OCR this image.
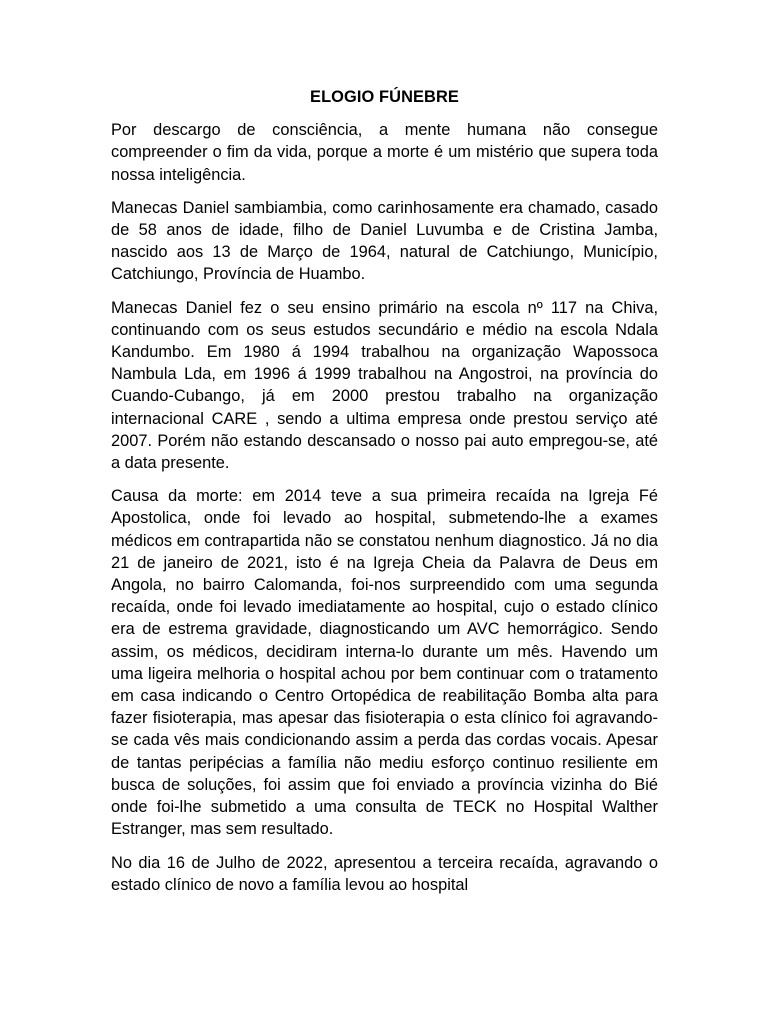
ELOGIO FÚNEBRE

Por descargo de consciência, a mente humana não consegue compreender o fim da vida, porque a morte é um mistério que supera toda nossa inteligência.

Manecas Daniel sambiambia, como carinhosamente era chamado, casado de 58 anos de idade, filho de Daniel Luvumba e de Cristina Jamba, nascido aos 13 de Março de 1964, natural de Catchiungo, Município, Catchiungo, Província de Huambo.

Manecas Daniel fez o seu ensino primário na escola nº 117 na Chiva, continuando com os seus estudos secundário e médio na escola Ndala Kandumbo. Em 1980 á 1994 trabalhou na organização Wapossoca Nambula Lda, em 1996 á 1999 trabalhou na Angostroi, na província do Cuando-Cubango, já em 2000 prestou trabalho na organização internacional CARE , sendo a ultima empresa onde prestou serviço até 2007. Porém não estando descansado o nosso pai auto empregou-se, até a data presente.

Causa da morte: em 2014 teve a sua primeira recaída na Igreja Fé Apostolica, onde foi levado ao hospital, submetendo-lhe a exames médicos em contrapartida não se constatou nenhum diagnostico. Já no dia 21 de janeiro de 2021, isto é na Igreja Cheia da Palavra de Deus em Angola, no bairro Calomanda, foi-nos surpreendido com uma segunda recaída, onde foi levado imediatamente ao hospital, cujo o estado clínico era de estrema gravidade, diagnosticando um AVC hemorrágico. Sendo assim, os médicos, decidiram interna-lo durante um mês. Havendo um uma ligeira melhoria o hospital achou por bem continuar com o tratamento em casa indicando o Centro Ortopédica de reabilitação Bomba alta para fazer fisioterapia, mas apesar das fisioterapia o esta clínico foi agravando-se cada vês mais condicionando assim a perda das cordas vocais. Apesar de tantas peripécias a família não mediu esforço continuo resiliente em busca de soluções, foi assim que foi enviado a província vizinha do Bié onde foi-lhe submetido a uma consulta de TECK no Hospital Walther Estranger, mas sem resultado.

No dia 16 de Julho de 2022, apresentou a terceira recaída, agravando o estado clínico de novo a família levou ao hospital
